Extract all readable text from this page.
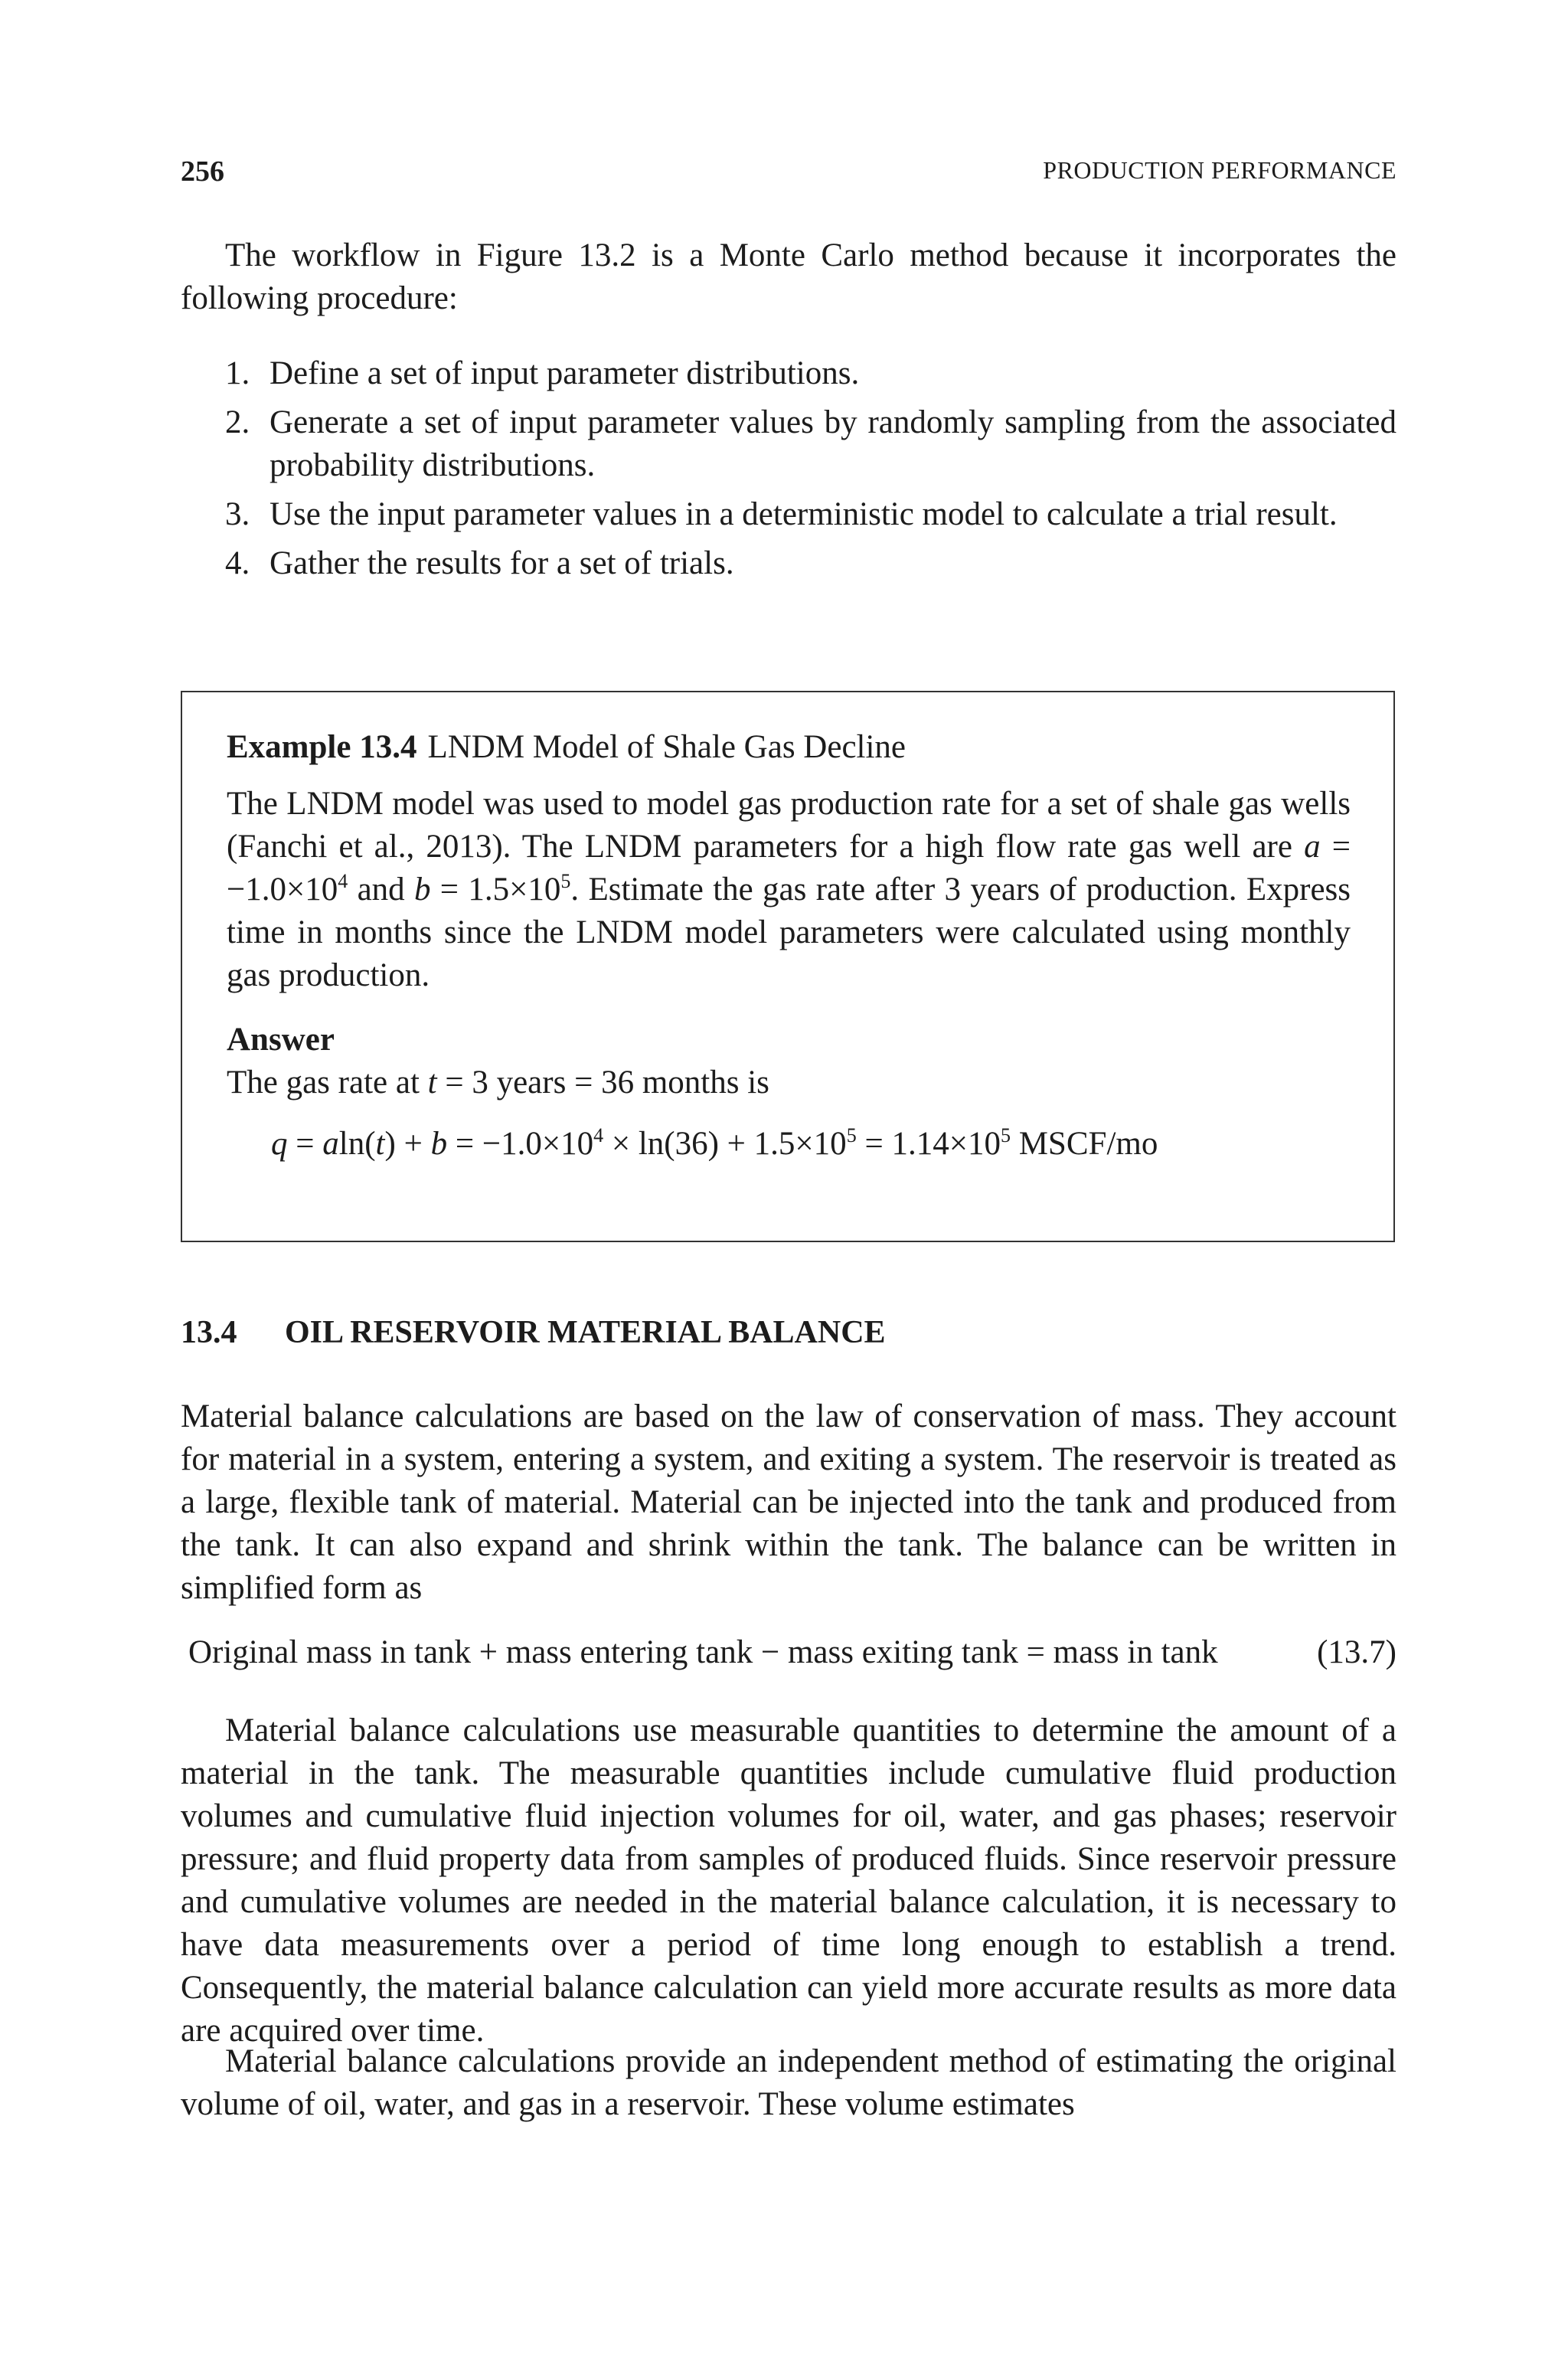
256	PRODUCTION PERFORMANCE

The workflow in Figure 13.2 is a Monte Carlo method because it incorporates the following procedure:

1. Define a set of input parameter distributions.
2. Generate a set of input parameter values by randomly sampling from the associated probability distributions.
3. Use the input parameter values in a deterministic model to calculate a trial result.
4. Gather the results for a set of trials.

Example 13.4 LNDM Model of Shale Gas Decline

The LNDM model was used to model gas production rate for a set of shale gas wells (Fanchi et al., 2013). The LNDM parameters for a high flow rate gas well are $a = -1.0\times 10^4$ and $b = 1.5\times 10^5$. Estimate the gas rate after 3 years of production. Express time in months since the LNDM model parameters were calculated using monthly gas production.

Answer

The gas rate at t = 3 years = 36 months is

$q = aln(t) + b = -1.0\times 10^4 \times \ln(36) + 1.5\times 10^5 = 1.14\times 10^5$ MSCF/mo
13.4 OIL RESERVOIR MATERIAL BALANCE

Material balance calculations are based on the law of conservation of mass. They account for material in a system, entering a system, and exiting a system. The reservoir is treated as a large, flexible tank of material. Material can be injected into the tank and produced from the tank. It can also expand and shrink within the tank. The balance can be written in simplified form as

Original mass in tank + mass entering tank − mass exiting tank = mass in tank	(13.7)

Material balance calculations use measurable quantities to determine the amount of a material in the tank. The measurable quantities include cumulative fluid production volumes and cumulative fluid injection volumes for oil, water, and gas phases; reservoir pressure; and fluid property data from samples of produced fluids. Since reservoir pressure and cumulative volumes are needed in the material balance calculation, it is necessary to have data measurements over a period of time long enough to establish a trend. Consequently, the material balance calculation can yield more accurate results as more data are acquired over time.

Material balance calculations provide an independent method of estimating the original volume of oil, water, and gas in a reservoir. These volume estimates
